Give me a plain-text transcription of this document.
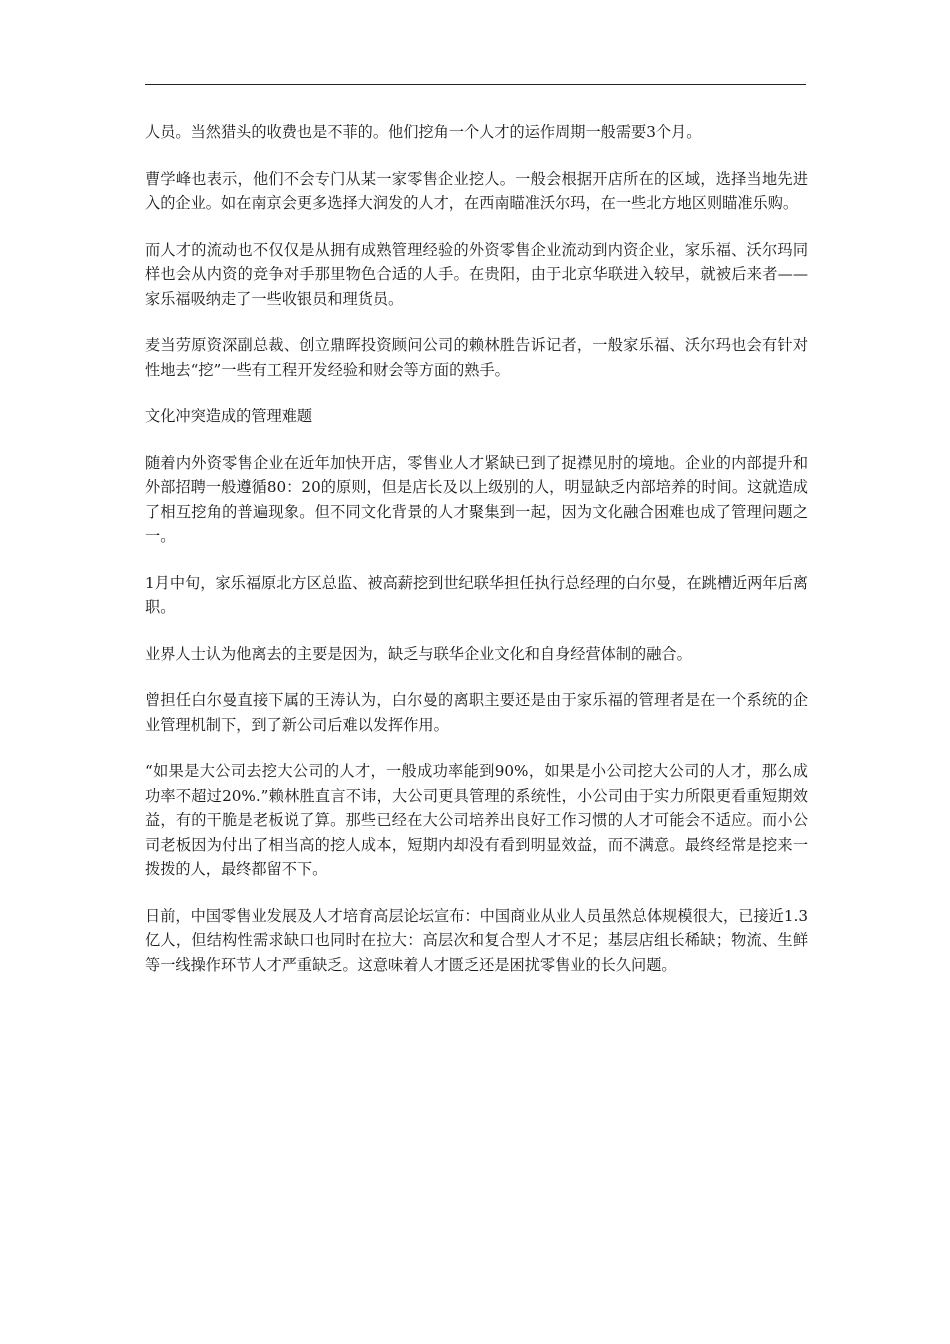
人员。当然猎头的收费也是不菲的。他们挖角一个人才的运作周期一般需要3个月。

曹学峰也表示，他们不会专门从某一家零售企业挖人。一般会根据开店所在的区域，选择当地先进入的企业。如在南京会更多选择大润发的人才，在西南瞄准沃尔玛，在一些北方地区则瞄准乐购。

而人才的流动也不仅仅是从拥有成熟管理经验的外资零售企业流动到内资企业，家乐福、沃尔玛同样也会从内资的竞争对手那里物色合适的人手。在贵阳，由于北京华联进入较早，就被后来者——家乐福吸纳走了一些收银员和理货员。

麦当劳原资深副总裁、创立鼎晖投资顾问公司的赖林胜告诉记者，一般家乐福、沃尔玛也会有针对性地去“挖”一些有工程开发经验和财会等方面的熟手。

文化冲突造成的管理难题

随着内外资零售企业在近年加快开店，零售业人才紧缺已到了捉襟见肘的境地。企业的内部提升和外部招聘一般遵循80：20的原则，但是店长及以上级别的人，明显缺乏内部培养的时间。这就造成了相互挖角的普遍现象。但不同文化背景的人才聚集到一起，因为文化融合困难也成了管理问题之一。

1月中旬，家乐福原北方区总监、被高薪挖到世纪联华担任执行总经理的白尔曼，在跳槽近两年后离职。

业界人士认为他离去的主要是因为，缺乏与联华企业文化和自身经营体制的融合。

曾担任白尔曼直接下属的王涛认为，白尔曼的离职主要还是由于家乐福的管理者是在一个系统的企业管理机制下，到了新公司后难以发挥作用。

“如果是大公司去挖大公司的人才，一般成功率能到90%，如果是小公司挖大公司的人才，那么成功率不超过20%.”赖林胜直言不讳，大公司更具管理的系统性，小公司由于实力所限更看重短期效益，有的干脆是老板说了算。那些已经在大公司培养出良好工作习惯的人才可能会不适应。而小公司老板因为付出了相当高的挖人成本，短期内却没有看到明显效益，而不满意。最终经常是挖来一拨拨的人，最终都留不下。

日前，中国零售业发展及人才培育高层论坛宣布：中国商业从业人员虽然总体规模很大，已接近1.3亿人，但结构性需求缺口也同时在拉大：高层次和复合型人才不足；基层店组长稀缺；物流、生鲜等一线操作环节人才严重缺乏。这意味着人才匮乏还是困扰零售业的长久问题。
